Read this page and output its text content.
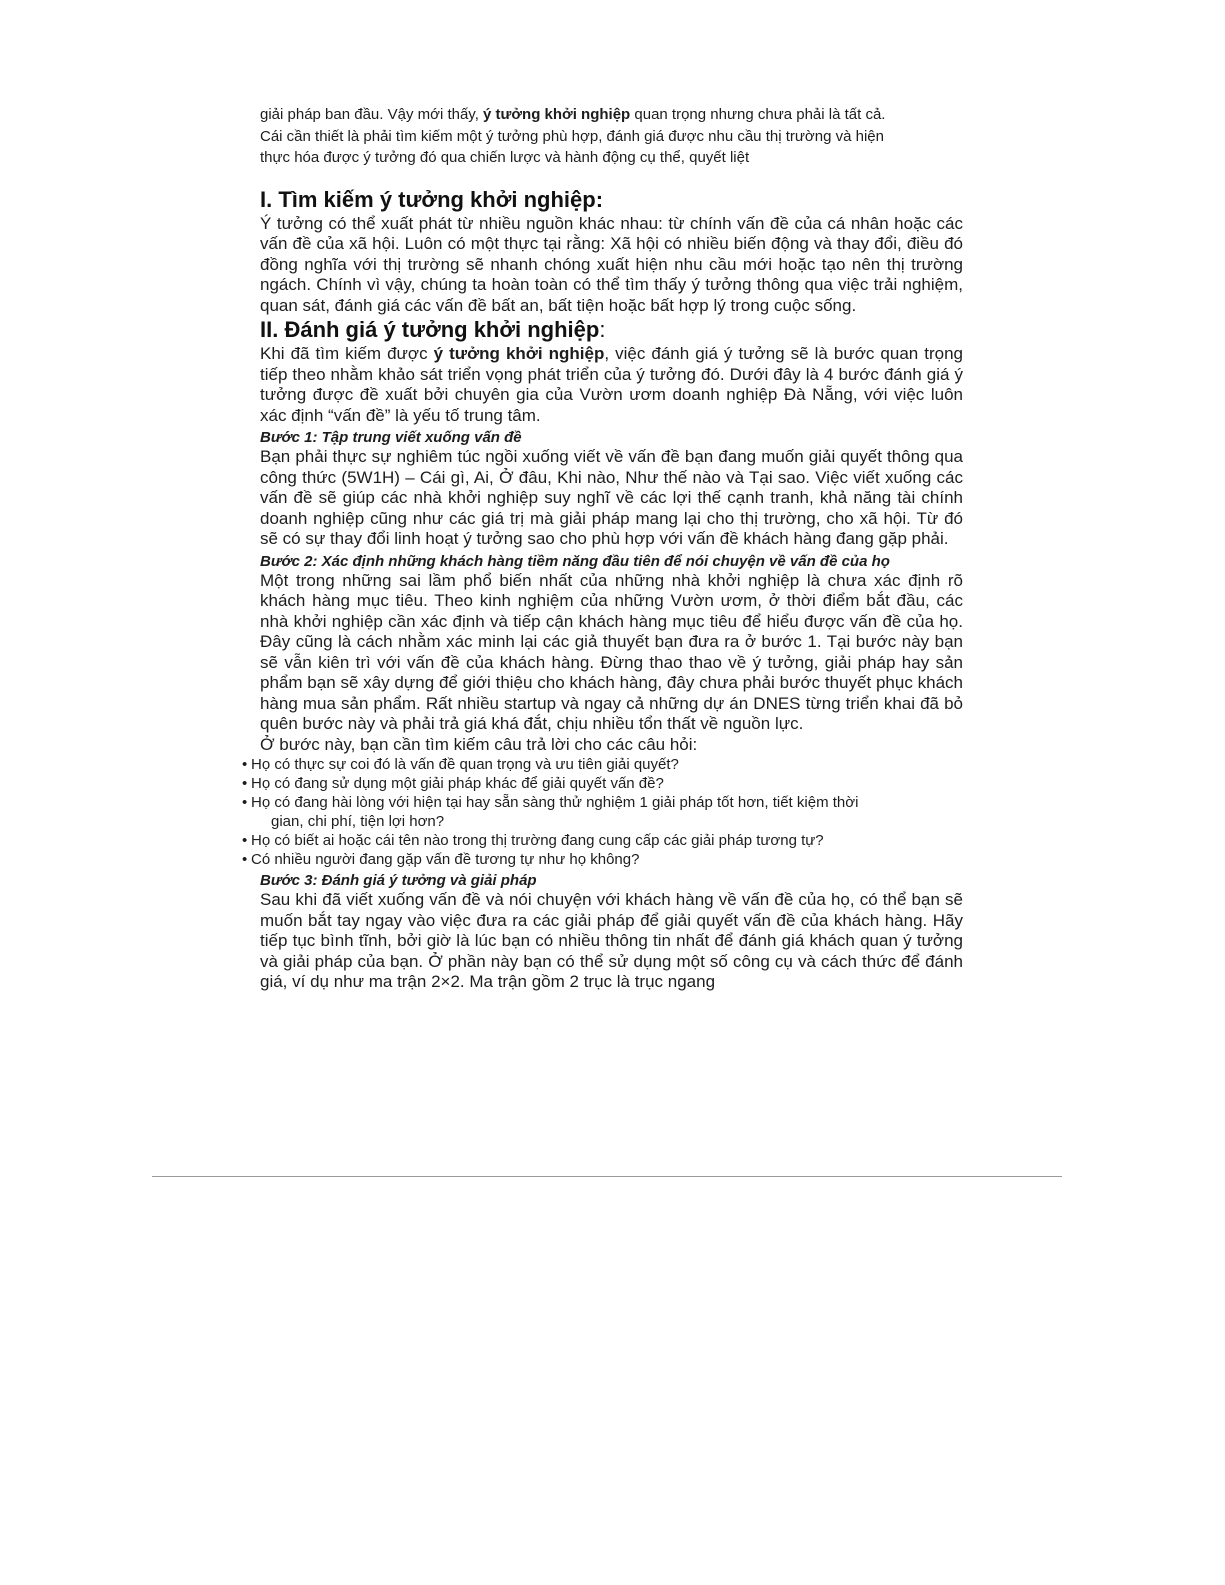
giải pháp ban đầu. Vậy mới thấy, ý tưởng khởi nghiệp quan trọng nhưng chưa phải là tất cả.

Cái cần thiết là phải tìm kiếm một ý tưởng phù hợp, đánh giá được nhu cầu thị trường và hiện

thực hóa được ý tưởng đó qua chiến lược và hành động cụ thể, quyết liệt

I. Tìm kiếm ý tưởng khởi nghiệp:

Ý tưởng có thể xuất phát từ nhiều nguồn khác nhau: từ chính vấn đề của cá nhân hoặc các vấn đề của xã hội. Luôn có một thực tại rằng: Xã hội có nhiều biến động và thay đổi, điều đó đồng nghĩa với thị trường sẽ nhanh chóng xuất hiện nhu cầu mới hoặc tạo nên thị trường ngách. Chính vì vậy, chúng ta hoàn toàn có thể tìm thấy ý tưởng thông qua việc trải nghiệm, quan sát, đánh giá các vấn đề bất an, bất tiện hoặc bất hợp lý trong cuộc sống.

II. Đánh giá ý tưởng khởi nghiệp:

Khi đã tìm kiếm được ý tưởng khởi nghiệp, việc đánh giá ý tưởng sẽ là bước quan trọng tiếp theo nhằm khảo sát triển vọng phát triển của ý tưởng đó. Dưới đây là 4 bước đánh giá ý tưởng được đề xuất bởi chuyên gia của Vườn ươm doanh nghiệp Đà Nẵng, với việc luôn xác định “vấn đề” là yếu tố trung tâm.

Bước 1: Tập trung viết xuống vấn đề

Bạn phải thực sự nghiêm túc ngồi xuống viết về vấn đề bạn đang muốn giải quyết thông qua công thức (5W1H) – Cái gì, Ai, Ở đâu, Khi nào, Như thế nào và Tại sao. Việc viết xuống các vấn đề sẽ giúp các nhà khởi nghiệp suy nghĩ về các lợi thế cạnh tranh, khả năng tài chính doanh nghiệp cũng như các giá trị mà giải pháp mang lại cho thị trường, cho xã hội. Từ đó sẽ có sự thay đổi linh hoạt ý tưởng sao cho phù hợp với vấn đề khách hàng đang gặp phải.

Bước 2: Xác định những khách hàng tiềm năng đầu tiên để nói chuyện về vấn đề của họ

Một trong những sai lầm phổ biến nhất của những nhà khởi nghiệp là chưa xác định rõ khách hàng mục tiêu. Theo kinh nghiệm của những Vườn ươm, ở thời điểm bắt đầu, các nhà khởi nghiệp cần xác định và tiếp cận khách hàng mục tiêu để hiểu được vấn đề của họ. Đây cũng là cách nhằm xác minh lại các giả thuyết bạn đưa ra ở bước 1. Tại bước này bạn sẽ vẫn kiên trì với vấn đề của khách hàng. Đừng thao thao về ý tưởng, giải pháp hay sản phẩm bạn sẽ xây dựng để giới thiệu cho khách hàng, đây chưa phải bước thuyết phục khách hàng mua sản phẩm. Rất nhiều startup và ngay cả những dự án DNES từng triển khai đã bỏ quên bước này và phải trả giá khá đắt, chịu nhiều tổn thất về nguồn lực.

Ở bước này, bạn cần tìm kiếm câu trả lời cho các câu hỏi:

• Họ có thực sự coi đó là vấn đề quan trọng và ưu tiên giải quyết?
• Họ có đang sử dụng một giải pháp khác để giải quyết vấn đề?
• Họ có đang hài lòng với hiện tại hay sẵn sàng thử nghiệm 1 giải pháp tốt hơn, tiết kiệm thời
gian, chi phí, tiện lợi hơn?
• Họ có biết ai hoặc cái tên nào trong thị trường đang cung cấp các giải pháp tương tự?
• Có nhiều người đang gặp vấn đề tương tự như họ không?

Bước 3: Đánh giá ý tưởng và giải pháp

Sau khi đã viết xuống vấn đề và nói chuyện với khách hàng về vấn đề của họ, có thể bạn sẽ muốn bắt tay ngay vào việc đưa ra các giải pháp để giải quyết vấn đề của khách hàng. Hãy tiếp tục bình tĩnh, bởi giờ là lúc bạn có nhiều thông tin nhất để đánh giá khách quan ý tưởng và giải pháp của bạn. Ở phần này bạn có thể sử dụng một số công cụ và cách thức để đánh giá, ví dụ như ma trận 2×2. Ma trận gồm 2 trục là trục ngang
